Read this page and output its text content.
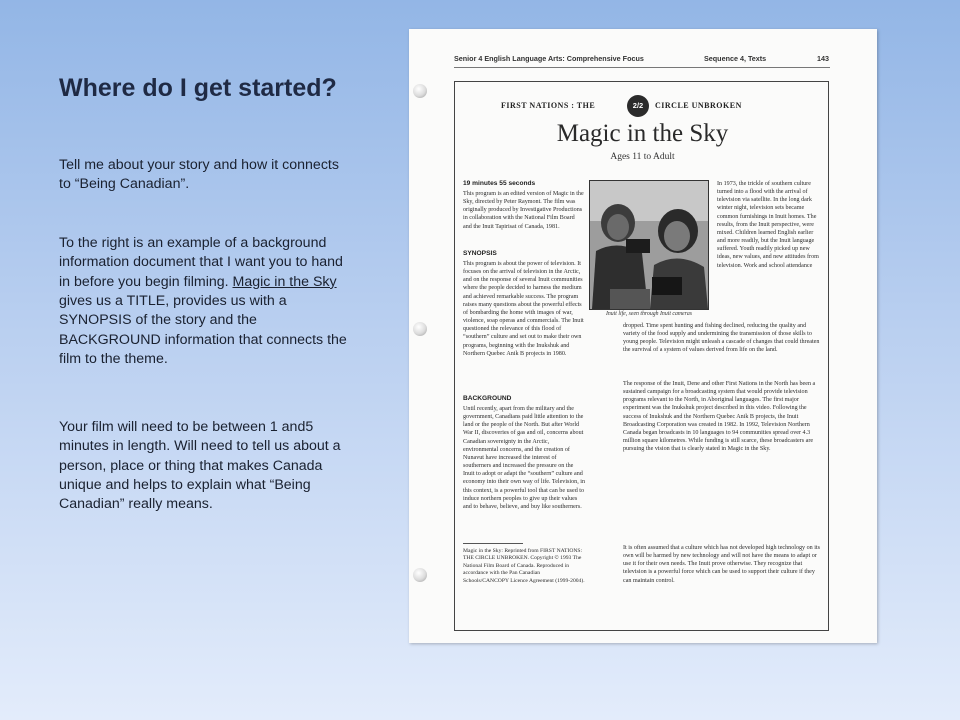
Where do I get started?

Tell me about your story and how it connects to “Being Canadian”.

To the right is an example of a background information document that I want you to hand in before you begin filming. Magic in the Sky gives us a TITLE, provides us with a SYNOPSIS of the story and the BACKGROUND information that connects the film to the theme.

Your film will need to be between 1 and5 minutes in length. Will need to tell us about a person, place or thing that makes Canada unique and helps to explain what “Being Canadian” really means.

Senior 4 English Language Arts: Comprehensive Focus	Sequence 4, Texts	143
FIRST NATIONS : THE	2/2	CIRCLE UNBROKEN
Magic in the Sky
Ages 11 to Adult

19 minutes 55 seconds

This program is an edited version of Magic in the Sky, directed by Peter Raymont. The film was originally produced by Investigative Productions in collaboration with the National Film Board and the Inuit Tapirisat of Canada, 1981.

SYNOPSIS

This program is about the power of television. It focuses on the arrival of television in the Arctic, and on the response of several Inuit communities where the people decided to harness the medium and achieved remarkable success. The program raises many questions about the powerful effects of bombarding the home with images of war, violence, soap operas and commercials. The Inuit questioned the relevance of this flood of “southern” culture and set out to make their own programs, beginning with the Inukshuk and Northern Quebec Anik B projects in 1980.

BACKGROUND

Until recently, apart from the military and the government, Canadians paid little attention to the land or the people of the North. But after World War II, discoveries of gas and oil, concerns about Canadian sovereignty in the Arctic, environmental concerns, and the creation of Nunavut have increased the interest of southerners and increased the pressure on the Inuit to adopt or adapt the “southern” culture and economy into their own way of life. Television, in this context, is a powerful tool that can be used to induce northern peoples to give up their values and to behave, believe, and buy like southerners.

Magic in the Sky: Reprinted from FIRST NATIONS: THE CIRCLE UNBROKEN. Copyright © 1993 The National Film Board of Canada. Reproduced in accordance with the Pan Canadian Schools/CANCOPY Licence Agreement (1999-2004).

Inuit life, seen through Inuit cameras

In 1973, the trickle of southern culture turned into a flood with the arrival of television via satellite. In the long dark winter night, television sets became common furnishings in Inuit homes. The results, from the Inuit perspective, were mixed. Children learned English earlier and more readily, but the Inuit language suffered. Youth readily picked up new ideas, new values, and new attitudes from television. Work and school attendance

dropped. Time spent hunting and fishing declined, reducing the quality and variety of the food supply and undermining the transmission of those skills to young people. Television might unleash a cascade of changes that could threaten the survival of a system of values derived from life on the land.

The response of the Inuit, Dene and other First Nations in the North has been a sustained campaign for a broadcasting system that would provide television programs relevant to the North, in Aboriginal languages. The first major experiment was the Inukshuk project described in this video. Following the success of Inukshuk and the Northern Quebec Anik B projects, the Inuit Broadcasting Corporation was created in 1982. In 1992, Television Northern Canada began broadcasts in 10 languages to 94 communities spread over 4.3 million square kilometres. While funding is still scarce, these broadcasters are pursuing the vision that is clearly stated in Magic in the Sky.

It is often assumed that a culture which has not developed high technology on its own will be harmed by new technology and will not have the means to adapt or use it for their own needs. The Inuit prove otherwise. They recognize that television is a powerful force which can be used to support their culture if they can maintain control.
